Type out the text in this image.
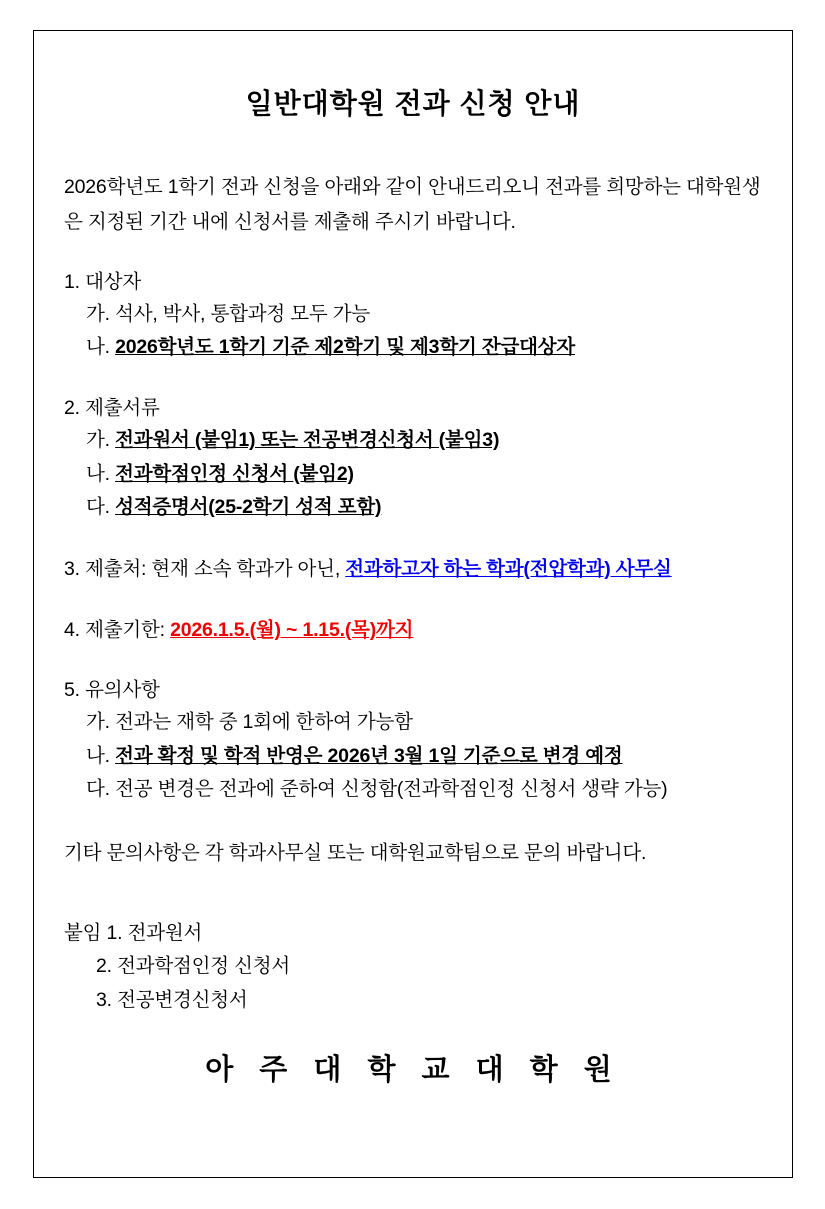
일반대학원 전과 신청 안내
2026학년도 1학기 전과 신청을 아래와 같이 안내드리오니 전과를 희망하는 대학원생은 지정된 기간 내에 신청서를 제출해 주시기 바랍니다.
1. 대상자
가. 석사, 박사, 통합과정 모두 가능
나. 2026학년도 1학기 기준 제2학기 및 제3학기 잔급대상자
2. 제출서류
가. 전과원서 (붙임1) 또는 전공변경신청서 (붙임3)
나. 전과학점인정 신청서 (붙임2)
다. 성적증명서(25-2학기 성적 포함)
3. 제출처: 현재 소속 학과가 아닌, 전과하고자 하는 학과(전압학과) 사무실
4. 제출기한: 2026.1.5.(월) ~ 1.15.(목)까지
5. 유의사항
가. 전과는 재학 중 1회에 한하여 가능함
나. 전과 확정 및 학적 반영은 2026년 3월 1일 기준으로 변경 예정
다. 전공 변경은 전과에 준하여 신청함(전과학점인정 신청서 생략 가능)
기타 문의사항은 각 학과사무실 또는 대학원교학팀으로 문의 바랍니다.
붙임 1. 전과원서
2. 전과학점인정 신청서
3. 전공변경신청서
아 주 대 학 교 대 학 원
